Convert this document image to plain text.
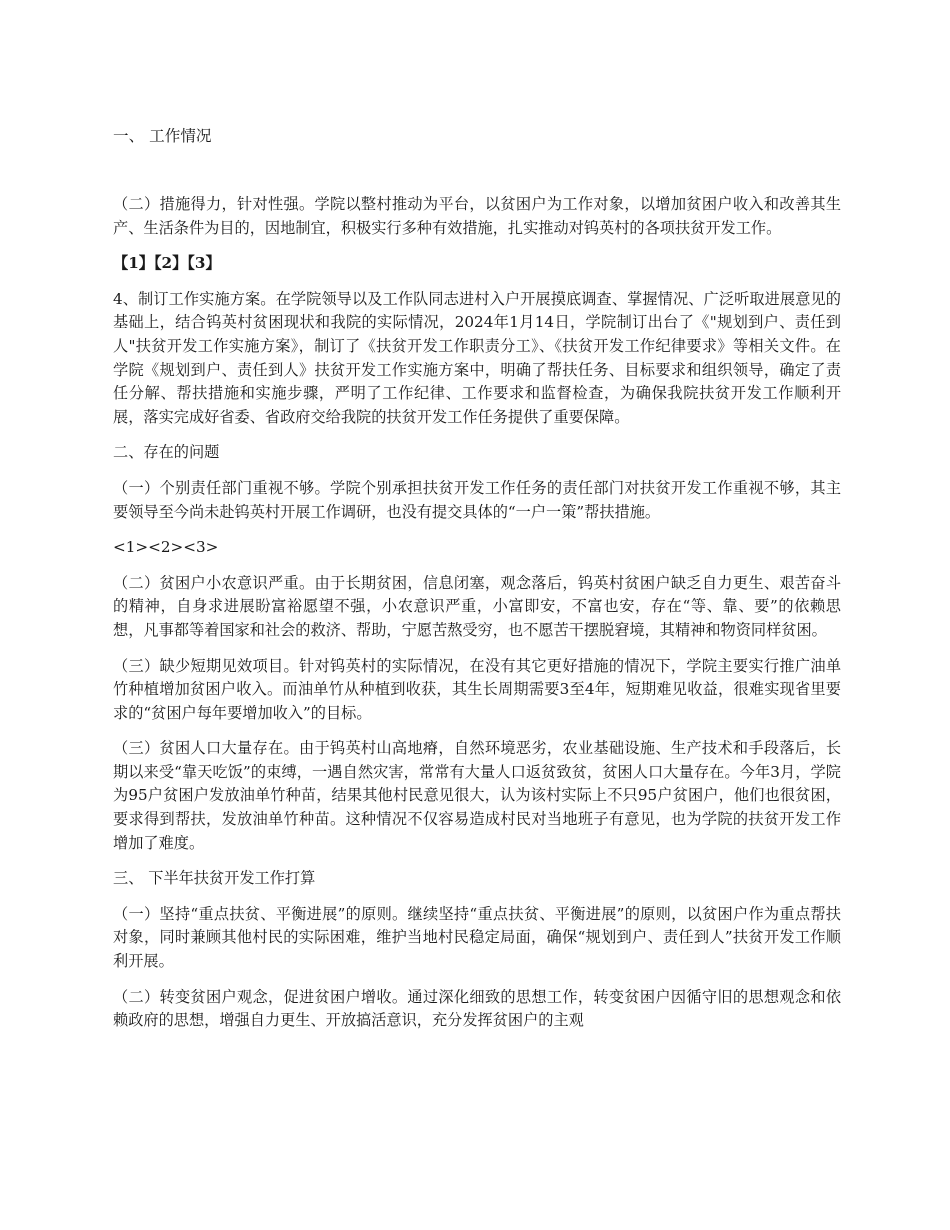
一、 工作情况

（二）措施得力，针对性强。学院以整村推动为平台，以贫困户为工作对象，以增加贫困户收入和改善其生产、生活条件为目的，因地制宜，积极实行多种有效措施，扎实推动对钨英村的各项扶贫开发工作。

【1】【2】【3】

4、制订工作实施方案。在学院领导以及工作队同志进村入户开展摸底调查、掌握情况、广泛听取进展意见的基础上，结合钨英村贫困现状和我院的实际情况，2024年1月14日，学院制订出台了《"规划到户、责任到人"扶贫开发工作实施方案》，制订了《扶贫开发工作职责分工》、《扶贫开发工作纪律要求》等相关文件。在学院《规划到户、责任到人》扶贫开发工作实施方案中，明确了帮扶任务、目标要求和组织领导，确定了责任分解、帮扶措施和实施步骤，严明了工作纪律、工作要求和监督检查，为确保我院扶贫开发工作顺利开展，落实完成好省委、省政府交给我院的扶贫开发工作任务提供了重要保障。

二、存在的问题

（一）个别责任部门重视不够。学院个别承担扶贫开发工作任务的责任部门对扶贫开发工作重视不够，其主要领导至今尚未赴钨英村开展工作调研，也没有提交具体的“一户一策”帮扶措施。

<1><2><3>

（二）贫困户小农意识严重。由于长期贫困，信息闭塞，观念落后，钨英村贫困户缺乏自力更生、艰苦奋斗的精神，自身求进展盼富裕愿望不强，小农意识严重，小富即安，不富也安，存在“等、靠、要”的依赖思想，凡事都等着国家和社会的救济、帮助，宁愿苦熬受穷，也不愿苦干摆脱窘境，其精神和物资同样贫困。

（三）缺少短期见效项目。针对钨英村的实际情况，在没有其它更好措施的情况下，学院主要实行推广油单竹种植增加贫困户收入。而油单竹从种植到收获，其生长周期需要3至4年，短期难见收益，很难实现省里要求的“贫困户每年要增加收入”的目标。

（三）贫困人口大量存在。由于钨英村山高地瘠，自然环境恶劣，农业基础设施、生产技术和手段落后，长期以来受“靠天吃饭”的束缚，一遇自然灾害，常常有大量人口返贫致贫，贫困人口大量存在。今年3月，学院为95户贫困户发放油单竹种苗，结果其他村民意见很大，认为该村实际上不只95户贫困户，他们也很贫困，要求得到帮扶，发放油单竹种苗。这种情况不仅容易造成村民对当地班子有意见，也为学院的扶贫开发工作增加了难度。

三、 下半年扶贫开发工作打算

（一）坚持“重点扶贫、平衡进展”的原则。继续坚持“重点扶贫、平衡进展”的原则，以贫困户作为重点帮扶对象，同时兼顾其他村民的实际困难，维护当地村民稳定局面，确保“规划到户、责任到人”扶贫开发工作顺利开展。

（二）转变贫困户观念，促进贫困户增收。通过深化细致的思想工作，转变贫困户因循守旧的思想观念和依赖政府的思想，增强自力更生、开放搞活意识，充分发挥贫困户的主观
